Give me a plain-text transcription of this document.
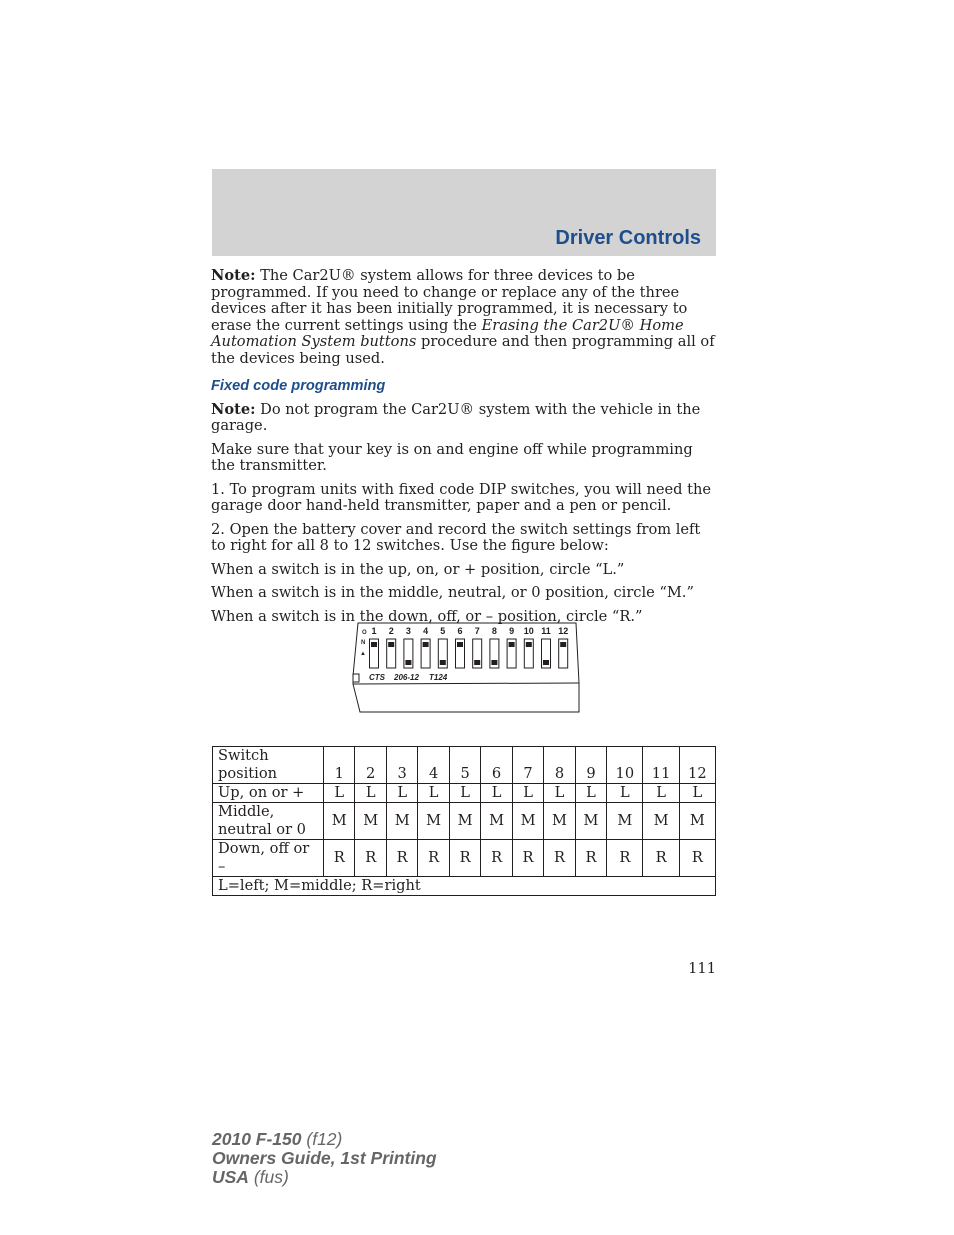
Driver Controls

Note: The Car2U® system allows for three devices to be programmed. If you need to change or replace any of the three devices after it has been initially programmed, it is necessary to erase the current settings using the Erasing the Car2U® Home Automation System buttons procedure and then programming all of the devices being used.

Fixed code programming

Note: Do not program the Car2U® system with the vehicle in the garage.

Make sure that your key is on and engine off while programming the transmitter.

1. To program units with fixed code DIP switches, you will need the garage door hand-held transmitter, paper and a pen or pencil.

2. Open the battery cover and record the switch settings from left to right for all 8 to 12 switches. Use the figure below:

When a switch is in the up, on, or + position, circle “L.”

When a switch is in the middle, neutral, or 0 position, circle “M.”

When a switch is in the down, off, or – position, circle “R.”

O
N
▲
1 2 3 4 5 6 7 8 9 10 11 12
CTS 206-12 T124
Switch position	1	2	3	4	5	6	7	8	9	10	11	12
Up, on or +	L	L	L	L	L	L	L	L	L	L	L	L
Middle, neutral or 0	M	M	M	M	M	M	M	M	M	M	M	M
Down, off or –	R	R	R	R	R	R	R	R	R	R	R	R
L=left; M=middle; R=right												
111
2010 F-150 (f12)
Owners Guide, 1st Printing
USA (fus)
